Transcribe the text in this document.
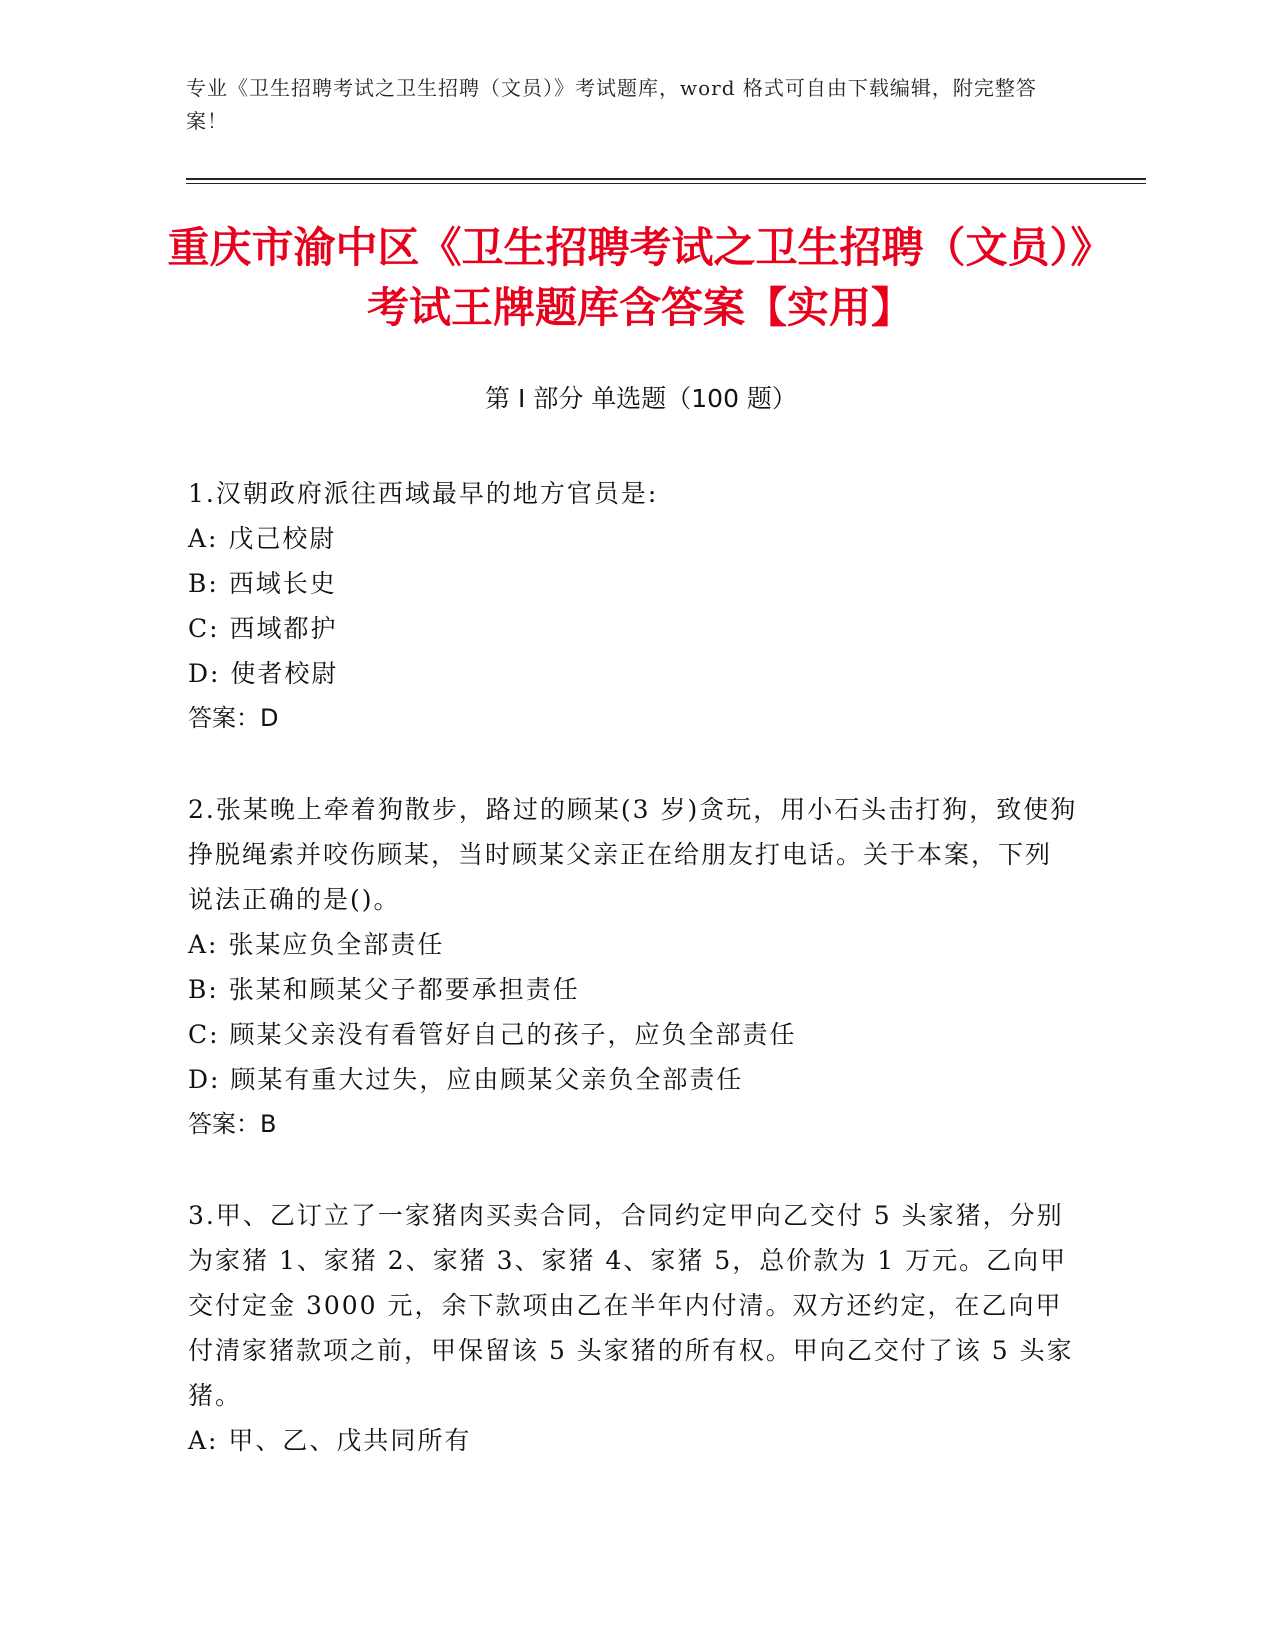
专业《卫生招聘考试之卫生招聘（文员）》考试题库，word 格式可自由下载编辑，附完整答案！
重庆市渝中区《卫生招聘考试之卫生招聘（文员）》考试王牌题库含答案【实用】
第 I 部分 单选题（100 题）

1.汉朝政府派往西域最早的地方官员是:

A: 戊己校尉

B: 西域长史

C: 西域都护

D: 使者校尉

答案：D

2.张某晚上牵着狗散步，路过的顾某(3 岁)贪玩，用小石头击打狗，致使狗挣脱绳索并咬伤顾某，当时顾某父亲正在给朋友打电话。关于本案，下列说法正确的是()。

A: 张某应负全部责任

B: 张某和顾某父子都要承担责任

C: 顾某父亲没有看管好自己的孩子，应负全部责任

D: 顾某有重大过失，应由顾某父亲负全部责任

答案：B

3.甲、乙订立了一家猪肉买卖合同，合同约定甲向乙交付 5 头家猪，分别为家猪 1、家猪 2、家猪 3、家猪 4、家猪 5，总价款为 1 万元。乙向甲交付定金 3000 元，余下款项由乙在半年内付清。双方还约定，在乙向甲付清家猪款项之前，甲保留该 5 头家猪的所有权。甲向乙交付了该 5 头家猪。

A: 甲、乙、戊共同所有
